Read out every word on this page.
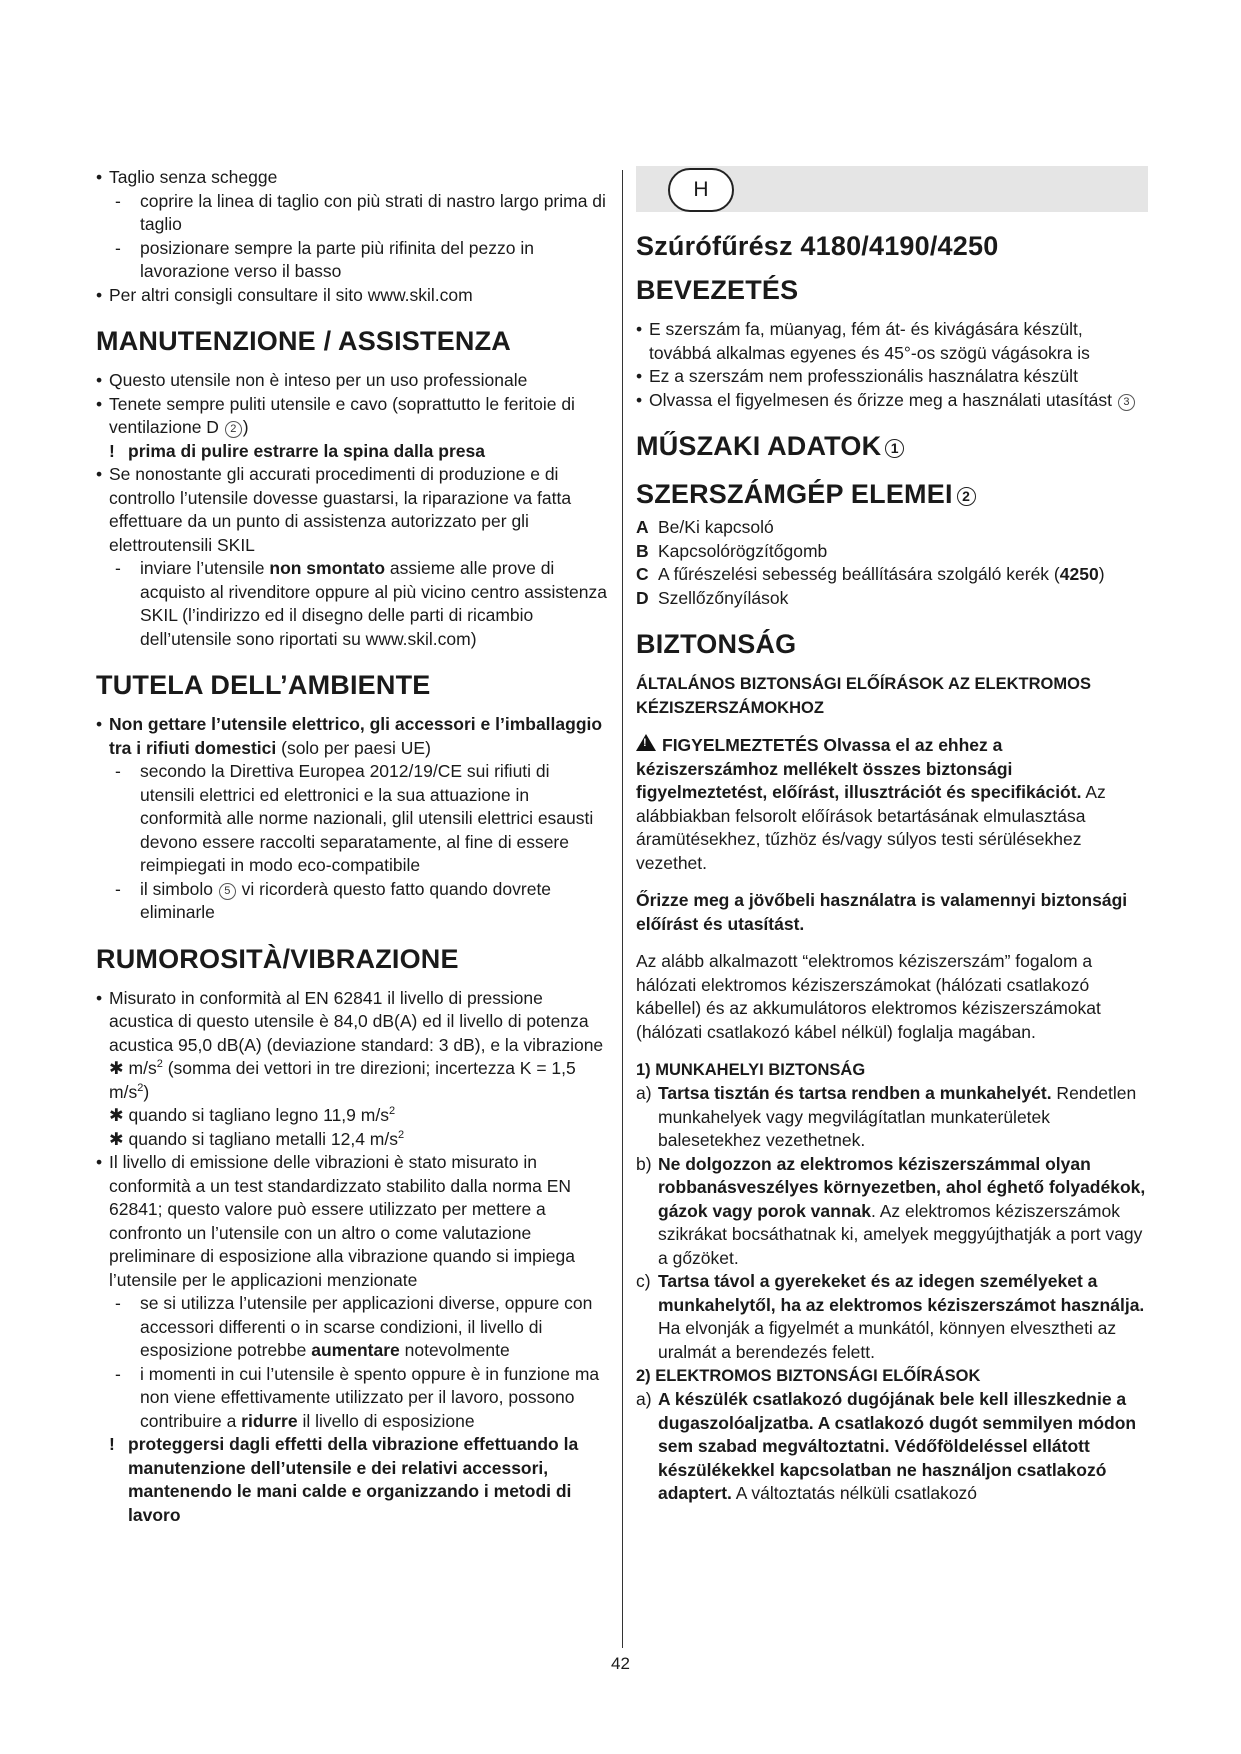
• Taglio senza schegge

- coprire la linea di taglio con più strati di nastro largo prima di taglio

- posizionare sempre la parte più rifinita del pezzo in lavorazione verso il basso

• Per altri consigli consultare il sito www.skil.com

MANUTENZIONE / ASSISTENZA

• Questo utensile non è inteso per un uso professionale

• Tenete sempre puliti utensile e cavo (soprattutto le feritoie di ventilazione D 2 )

! prima di pulire estrarre la spina dalla presa

• Se nonostante gli accurati procedimenti di produzione e di controllo l’utensile dovesse guastarsi, la riparazione va fatta effettuare da un punto di assistenza autorizzato per gli elettroutensili SKIL

- inviare l’utensile non smontato assieme alle prove di acquisto al rivenditore oppure al più vicino centro assistenza SKIL (l’indirizzo ed il disegno delle parti di ricambio dell’utensile sono riportati su www.skil.com)

TUTELA DELL’AMBIENTE

• Non gettare l’utensile elettrico, gli accessori e l’imballaggio tra i rifiuti domestici (solo per paesi UE)

- secondo la Direttiva Europea 2012/19/CE sui rifiuti di utensili elettrici ed elettronici e la sua attuazione in conformità alle norme nazionali, glil utensili elettrici esausti devono essere raccolti separatamente, al fine di essere reimpiegati in modo eco-compatibile

- il simbolo 5 vi ricorderà questo fatto quando dovrete eliminarle

RUMOROSITÀ/VIBRAZIONE

• Misurato in conformità al EN 62841 il livello di pressione acustica di questo utensile è 84,0 dB(A) ed il livello di potenza acustica 95,0 dB(A) (deviazione standard: 3 dB), e la vibrazione ✱ $m/s^2$ (somma dei vettori in tre direzioni; incertezza K = 1,5 $m/s^2$)

✱ quando si tagliano legno 11,9 $m/s^2$

✱ quando si tagliano metalli 12,4 $m/s^2$

• Il livello di emissione delle vibrazioni è stato misurato in conformità a un test standardizzato stabilito dalla norma EN 62841; questo valore può essere utilizzato per mettere a confronto un l’utensile con un altro o come valutazione preliminare di esposizione alla vibrazione quando si impiega l’utensile per le applicazioni menzionate

- se si utilizza l’utensile per applicazioni diverse, oppure con accessori differenti o in scarse condizioni, il livello di esposizione potrebbe aumentare notevolmente

- i momenti in cui l’utensile è spento oppure è in funzione ma non viene effettivamente utilizzato per il lavoro, possono contribuire a ridurre il livello di esposizione

! proteggersi dagli effetti della vibrazione effettuando la manutenzione dell’utensile e dei relativi accessori, mantenendo le mani calde e organizzando i metodi di lavoro

H
Szúrófűrész 4180/4190/4250
BEVEZETÉS

• E szerszám fa, müanyag, fém át- és kivágására készült, továbbá alkalmas egyenes és 45°-os szögü vágásokra is

• Ez a szerszám nem professzionális használatra készült

• Olvassa el figyelmesen és őrizze meg a használati utasítást 3

MŰSZAKI ADATOK 1
SZERSZÁMGÉP ELEMEI 2

A Be/Ki kapcsoló

B Kapcsolórögzítőgomb

C A fűrészelési sebesség beállítására szolgáló kerék (4250)

D Szellőzőnyílások

BIZTONSÁG

ÁLTALÁNOS BIZTONSÁGI ELŐÍRÁSOK AZ ELEKTROMOS KÉZISZERSZÁMOKHOZ

!FIGYELMEZTETÉS Olvassa el az ehhez a kéziszerszámhoz mellékelt összes biztonsági figyelmeztetést, előírást, illusztrációt és specifikációt. Az alábbiakban felsorolt előírások betartásának elmulasztása áramütésekhez, tűzhöz és/vagy súlyos testi sérülésekhez vezethet.

Őrizze meg a jövőbeli használatra is valamennyi biztonsági előírást és utasítást.

Az alább alkalmazott “elektromos kéziszerszám” fogalom a hálózati elektromos kéziszerszámokat (hálózati csatlakozó kábellel) és az akkumulátoros elektromos kéziszerszámokat (hálózati csatlakozó kábel nélkül) foglalja magában.

1) MUNKAHELYI BIZTONSÁG

a) Tartsa tisztán és tartsa rendben a munkahelyét. Rendetlen munkahelyek vagy megvilágítatlan munkaterületek balesetekhez vezethetnek.

b) Ne dolgozzon az elektromos kéziszerszámmal olyan robbanásveszélyes környezetben, ahol éghető folyadékok, gázok vagy porok vannak. Az elektromos kéziszerszámok szikrákat bocsáthatnak ki, amelyek meggyújthatják a port vagy a gőzöket.

c) Tartsa távol a gyerekeket és az idegen személyeket a munkahelytől, ha az elektromos kéziszerszámot használja. Ha elvonják a figyelmét a munkától, könnyen elvesztheti az uralmát a berendezés felett.

2) ELEKTROMOS BIZTONSÁGI ELŐÍRÁSOK

a) A készülék csatlakozó dugójának bele kell illeszkednie a dugaszolóaljzatba. A csatlakozó dugót semmilyen módon sem szabad megváltoztatni. Védőföldeléssel ellátott készülékekkel kapcsolatban ne használjon csatlakozó adaptert. A változtatás nélküli csatlakozó

42
